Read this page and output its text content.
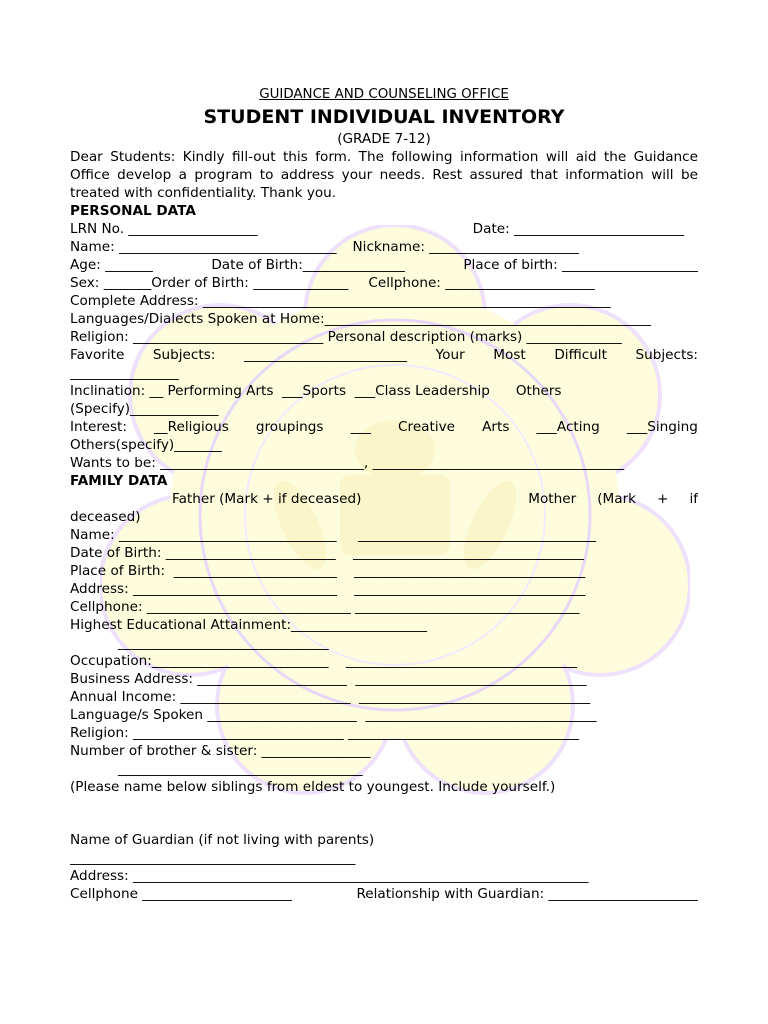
GUIDANCE AND COUNSELING OFFICE
STUDENT INDIVIDUAL INVENTORY
(GRADE 7-12)
Dear Students: Kindly fill-out this form. The following information will aid the Guidance
Office develop a program to address your needs. Rest assured that information will be
treated with confidentiality. Thank you.
PERSONAL DATA
LRN No. ___________________	Date: _________________________
Name: ________________________________ Nickname: ______________________
Age: _______	Date of Birth:_______________	Place of birth: ____________________
Sex: _______Order of Birth: ______________ Cellphone: ______________________
Complete Address: ____________________________________________________________
Languages/Dialects Spoken at Home:________________________________________________
Religion: ____________________________ Personal description (marks) ______________
Favorite Subjects: ________________________ Your Most Difficult Subjects:
________________
Inclination: __ Performing Arts  ___Sports  ___Class Leadership      Others
(Specify)_____________
Interest: __Religious groupings ___ Creative Arts ___Acting ___Singing
Others(specify)_______
Wants to be: ______________________________, _____________________________________
FAMILY DATA
Father (Mark + if deceased)	Mother (Mark + if
deceased)
Name: ________________________________     ___________________________________
Date of Birth: _________________________    __________________________________
Place of Birth:  ________________________    __________________________________
Address: ______________________________    __________________________________
Cellphone: ______________________________ _________________________________
Highest Educational Attainment:____________________
_______________________________
Occupation:__________________________    __________________________________
Business Address: ______________________  __________________________________
Annual Income: _________________________  __________________________________
Language/s Spoken ______________________  __________________________________
Religion: _______________________________ __________________________________
Number of brother & sister: ________________
____________________________________
(Please name below siblings from eldest to youngest. Include yourself.)
Name of Guardian (if not living with parents)
__________________________________________
Address: ___________________________________________________________________
Cellphone ______________________	Relationship with Guardian: ______________________
